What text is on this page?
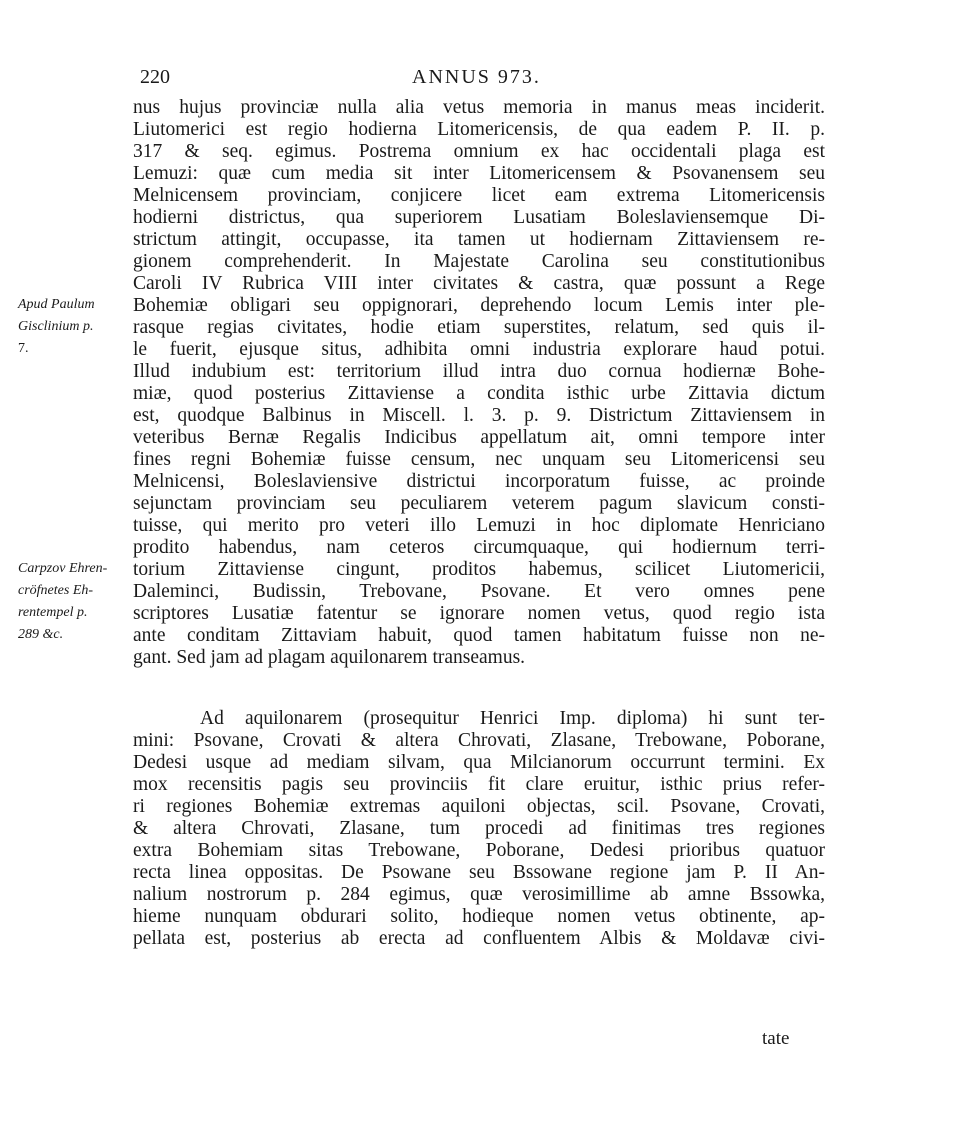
220	ANNUS 973.
nus hujus provinciæ nulla alia vetus memoria in manus meas inciderit.
Liutomerici est regio hodierna Litomericensis, de qua eadem P. II. p.
317 & seq. egimus. Postrema omnium ex hac occidentali plaga est
Lemuzi: quæ cum media sit inter Litomericensem & Psovanensem seu
Melnicensem provinciam, conjicere licet eam extrema Litomericensis
hodierni districtus, qua superiorem Lusatiam Boleslaviensemque Di-
strictum attingit, occupasse, ita tamen ut hodiernam Zittaviensem re-
gionem comprehenderit. In Majestate Carolina seu constitutionibus
Caroli IV Rubrica VIII inter civitates & castra, quæ possunt a Rege
Bohemiæ obligari seu oppignorari, deprehendo locum Lemis inter ple-
rasque regias civitates, hodie etiam superstites, relatum, sed quis il-
le fuerit, ejusque situs, adhibita omni industria explorare haud potui.
Illud indubium est: territorium illud intra duo cornua hodiernæ Bohe-
miæ, quod posterius Zittaviense a condita isthic urbe Zittavia dictum
est, quodque Balbinus in Miscell. l. 3. p. 9. Districtum Zittaviensem in
veteribus Bernæ Regalis Indicibus appellatum ait, omni tempore inter
fines regni Bohemiæ fuisse censum, nec unquam seu Litomericensi seu
Melnicensi, Boleslaviensive districtui incorporatum fuisse, ac proinde
sejunctam provinciam seu peculiarem veterem pagum slavicum consti-
tuisse, qui merito pro veteri illo Lemuzi in hoc diplomate Henriciano
prodito habendus, nam ceteros circumquaque, qui hodiernum terri-
torium Zittaviense cingunt, proditos habemus, scilicet Liutomericii,
Daleminci, Budissin, Trebovane, Psovane. Et vero omnes pene
scriptores Lusatiæ fatentur se ignorare nomen vetus, quod regio ista
ante conditam Zittaviam habuit, quod tamen habitatum fuisse non ne-
gant. Sed jam ad plagam aquilonarem transeamus.
Ad aquilonarem (prosequitur Henrici Imp. diploma) hi sunt ter-
mini: Psovane, Crovati & altera Chrovati, Zlasane, Trebowane, Poborane,
Dedesi usque ad mediam silvam, qua Milcianorum occurrunt termini. Ex
mox recensitis pagis seu provinciis fit clare eruitur, isthic prius refer-
ri regiones Bohemiæ extremas aquiloni objectas, scil. Psovane, Crovati,
& altera Chrovati, Zlasane, tum procedi ad finitimas tres regiones
extra Bohemiam sitas Trebowane, Poborane, Dedesi prioribus quatuor
recta linea oppositas. De Psowane seu Bssowane regione jam P. II An-
nalium nostrorum p. 284 egimus, quæ verosimillime ab amne Bssowka,
hieme nunquam obdurari solito, hodieque nomen vetus obtinente, ap-
pellata est, posterius ab erecta ad confluentem Albis & Moldavæ civi-
tate
Apud Paulum
Gisclinium p.
7.
Carpzov Ehren-
cröfnetes Eh-
rentempel p.
289 &c.
